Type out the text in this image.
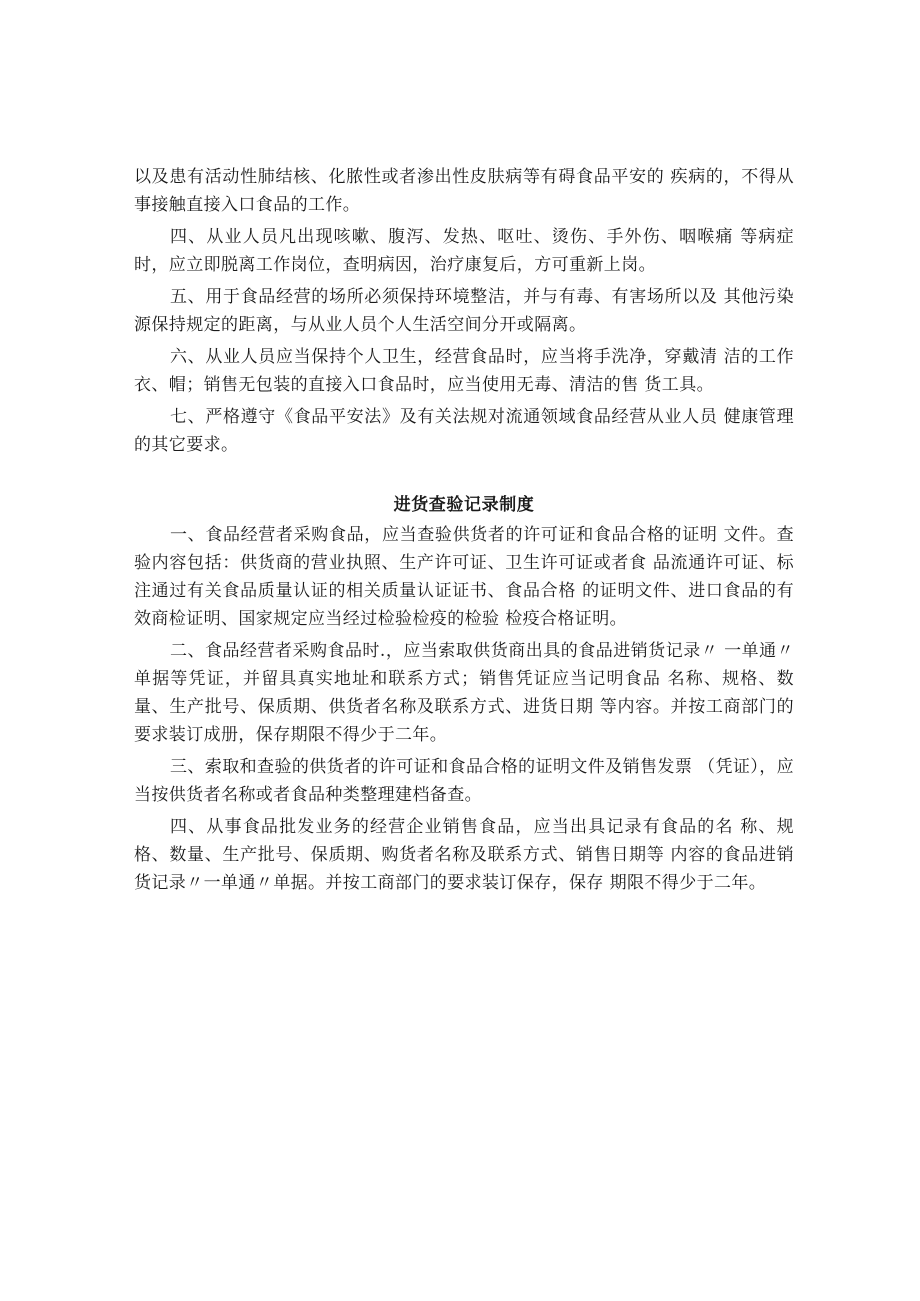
以及患有活动性肺结核、化脓性或者渗出性皮肤病等有碍食品平安的 疾病的，不得从事接触直接入口食品的工作。

四、从业人员凡出现咳嗽、腹泻、发热、呕吐、烫伤、手外伤、咽喉痛 等病症时，应立即脱离工作岗位，查明病因，治疗康复后，方可重新上岗。

五、用于食品经营的场所必须保持环境整洁，并与有毒、有害场所以及 其他污染源保持规定的距离，与从业人员个人生活空间分开或隔离。

六、从业人员应当保持个人卫生，经营食品时，应当将手洗净，穿戴清 洁的工作衣、帽；销售无包装的直接入口食品时，应当使用无毒、清洁的售 货工具。

七、严格遵守《食品平安法》及有关法规对流通领域食品经营从业人员 健康管理的其它要求。

进货查验记录制度

一、食品经营者采购食品，应当查验供货者的许可证和食品合格的证明 文件。查验内容包括：供货商的营业执照、生产许可证、卫生许可证或者食 品流通许可证、标注通过有关食品质量认证的相关质量认证证书、食品合格 的证明文件、进口食品的有效商检证明、国家规定应当经过检验检疫的检验 检疫合格证明。

二、食品经营者采购食品时.，应当索取供货商出具的食品进销货记录〃 一单通〃单据等凭证，并留具真实地址和联系方式；销售凭证应当记明食品 名称、规格、数量、生产批号、保质期、供货者名称及联系方式、进货日期 等内容。并按工商部门的要求装订成册，保存期限不得少于二年。

三、索取和查验的供货者的许可证和食品合格的证明文件及销售发票 （凭证），应当按供货者名称或者食品种类整理建档备查。

四、从事食品批发业务的经营企业销售食品，应当出具记录有食品的名 称、规格、数量、生产批号、保质期、购货者名称及联系方式、销售日期等 内容的食品进销货记录〃一单通〃单据。并按工商部门的要求装订保存，保存 期限不得少于二年。
